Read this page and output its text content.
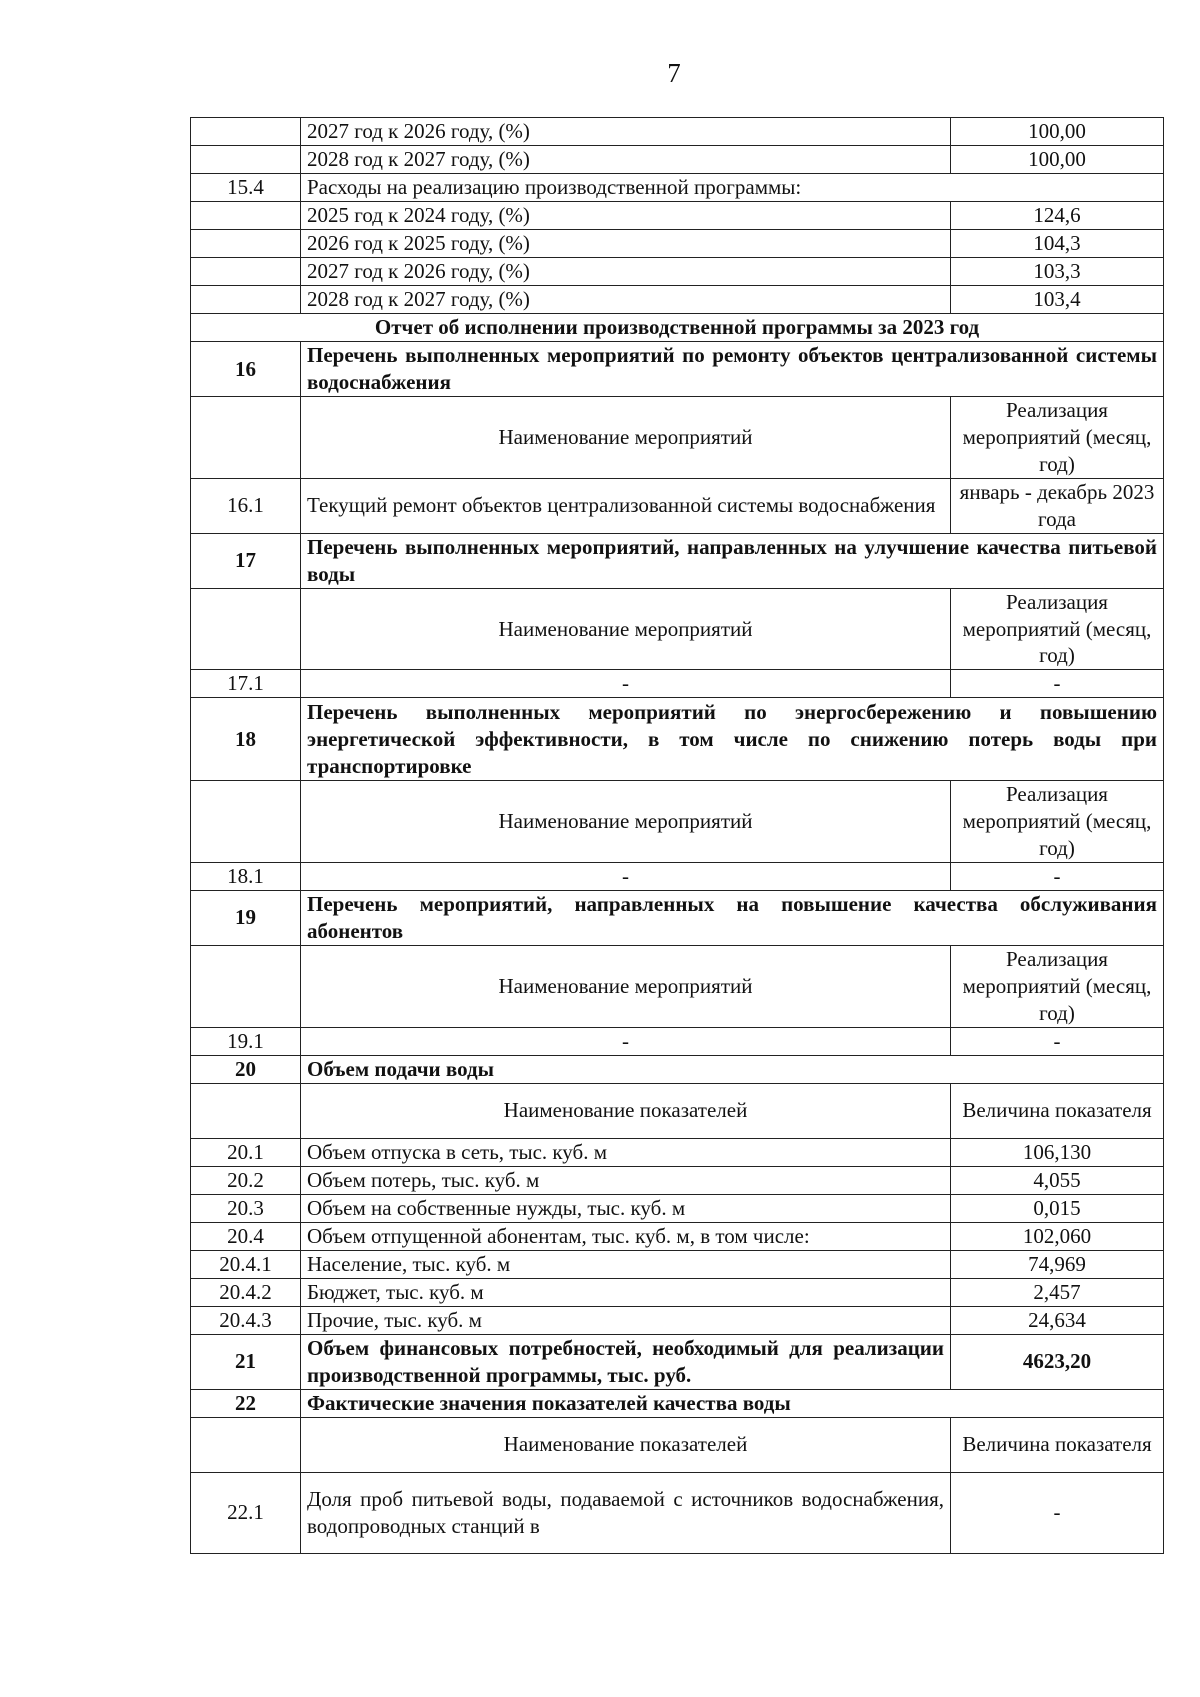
7
	2027 год к 2026 году, (%)	100,00
	2028 год к 2027 году, (%)	100,00
15.4	Расходы на реализацию производственной программы:	
	2025 год к 2024 году, (%)	124,6
	2026 год к 2025 году, (%)	104,3
	2027 год к 2026 году, (%)	103,3
	2028 год к 2027 году, (%)	103,4
Отчет об исполнении производственной программы за 2023 год		
16	Перечень выполненных мероприятий по ремонту объектов централизованной системы водоснабжения	
	Наименование мероприятий	Реализация мероприятий (месяц, год)
16.1	Текущий ремонт объектов централизованной системы водоснабжения	январь - декабрь 2023 года
17	Перечень выполненных мероприятий, направленных на улучшение качества питьевой воды	
	Наименование мероприятий	Реализация мероприятий (месяц, год)
17.1	-	-
18	Перечень выполненных мероприятий по энергосбережению и повышению энергетической эффективности, в том числе по снижению потерь воды при транспортировке	
	Наименование мероприятий	Реализация мероприятий (месяц, год)
18.1	-	-
19	Перечень мероприятий, направленных на повышение качества обслуживания абонентов	
	Наименование мероприятий	Реализация мероприятий (месяц, год)
19.1	-	-
20	Объем подачи воды	
	Наименование показателей	Величина показателя
20.1	Объем отпуска в сеть, тыс. куб. м	106,130
20.2	Объем потерь, тыс. куб. м	4,055
20.3	Объем на собственные нужды, тыс. куб. м	0,015
20.4	Объем отпущенной абонентам, тыс. куб. м, в том числе:	102,060
20.4.1	Население, тыс. куб. м	74,969
20.4.2	Бюджет, тыс. куб. м	2,457
20.4.3	Прочие, тыс. куб. м	24,634
21	Объем финансовых потребностей, необходимый для реализации производственной программы, тыс. руб.	4623,20
22	Фактические значения показателей качества воды	
	Наименование показателей	Величина показателя
22.1	Доля проб питьевой воды, подаваемой с источников водоснабжения, водопроводных станций в	-
